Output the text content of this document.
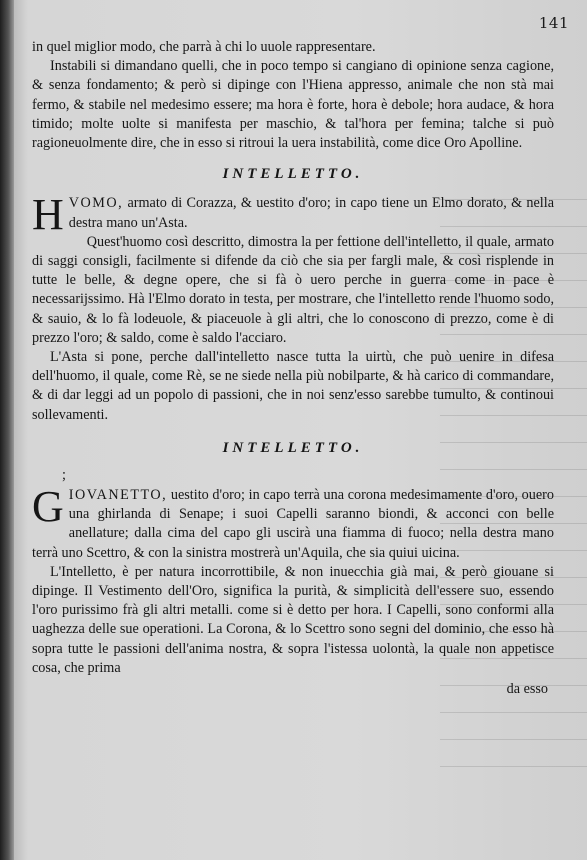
141

in quel miglior modo, che parrà à chi lo uuole rappresentare.

Instabili si dimandano quelli, che in poco tempo si cangiano di opinione senza cagione, & senza fondamento; & però si dipinge con l'Hiena appresso, animale che non stà mai fermo, & stabile nel medesimo essere; ma hora è forte, hora è debole; hora audace, & hora timido; molte uolte si manifesta per maschio, & tal'hora per femina; talche si può ragioneuolmente dire, che in esso si ritroui la uera instabilità, come dice Oro Apolline.

INTELLETTO.

HVOMO, armato di Corazza, & uestito d'oro; in capo tiene un Elmo dorato, & nella destra mano un'Asta.

Quest'huomo così descritto, dimostra la per fettione dell'intelletto, il quale, armato di saggi consigli, facilmente si difende da ciò che sia per fargli male, & così risplende in tutte le belle, & degne opere, che si fà ò uero perche in guerra come in pace è necessarijssimo. Hà l'Elmo dorato in testa, per mostrare, che l'intelletto rende l'huomo sodo, & sauio, & lo fà lodeuole, & piaceuole à gli altri, che lo conoscono di prezzo, come è di prezzo l'oro; & saldo, come è saldo l'acciaro.

L'Asta si pone, perche dall'intelletto nasce tutta la uirtù, che può uenire in difesa dell'huomo, il quale, come Rè, se ne siede nella più nobilparte, & hà carico di commandare, & di dar leggi ad un popolo di passioni, che in noi senz'esso sarebbe tumulto, & continoui sollevamenti.

INTELLETTO.
;

GIOVANETTO, uestito d'oro; in capo terrà una corona medesimamente d'oro, ouero una ghirlanda di Senape; i suoi Capelli saranno biondi, & acconci con belle anellature; dalla cima del capo gli uscirà una fiamma di fuoco; nella destra mano terrà uno Scettro, & con la sinistra mostrerà un'Aquila, che sia quiui uicina.

L'Intelletto, è per natura incorrottibile, & non inuecchia già mai, & però giouane si dipinge. Il Vestimento dell'Oro, significa la purità, & simplicità dell'essere suo, essendo l'oro purissimo frà gli altri metalli. come si è detto per hora. I Capelli, sono conformi alla uaghezza delle sue operationi. La Corona, & lo Scettro sono segni del dominio, che esso hà sopra tutte le passioni dell'anima nostra, & sopra l'istessa uolontà, la quale non appetisce cosa, che prima

da esso
